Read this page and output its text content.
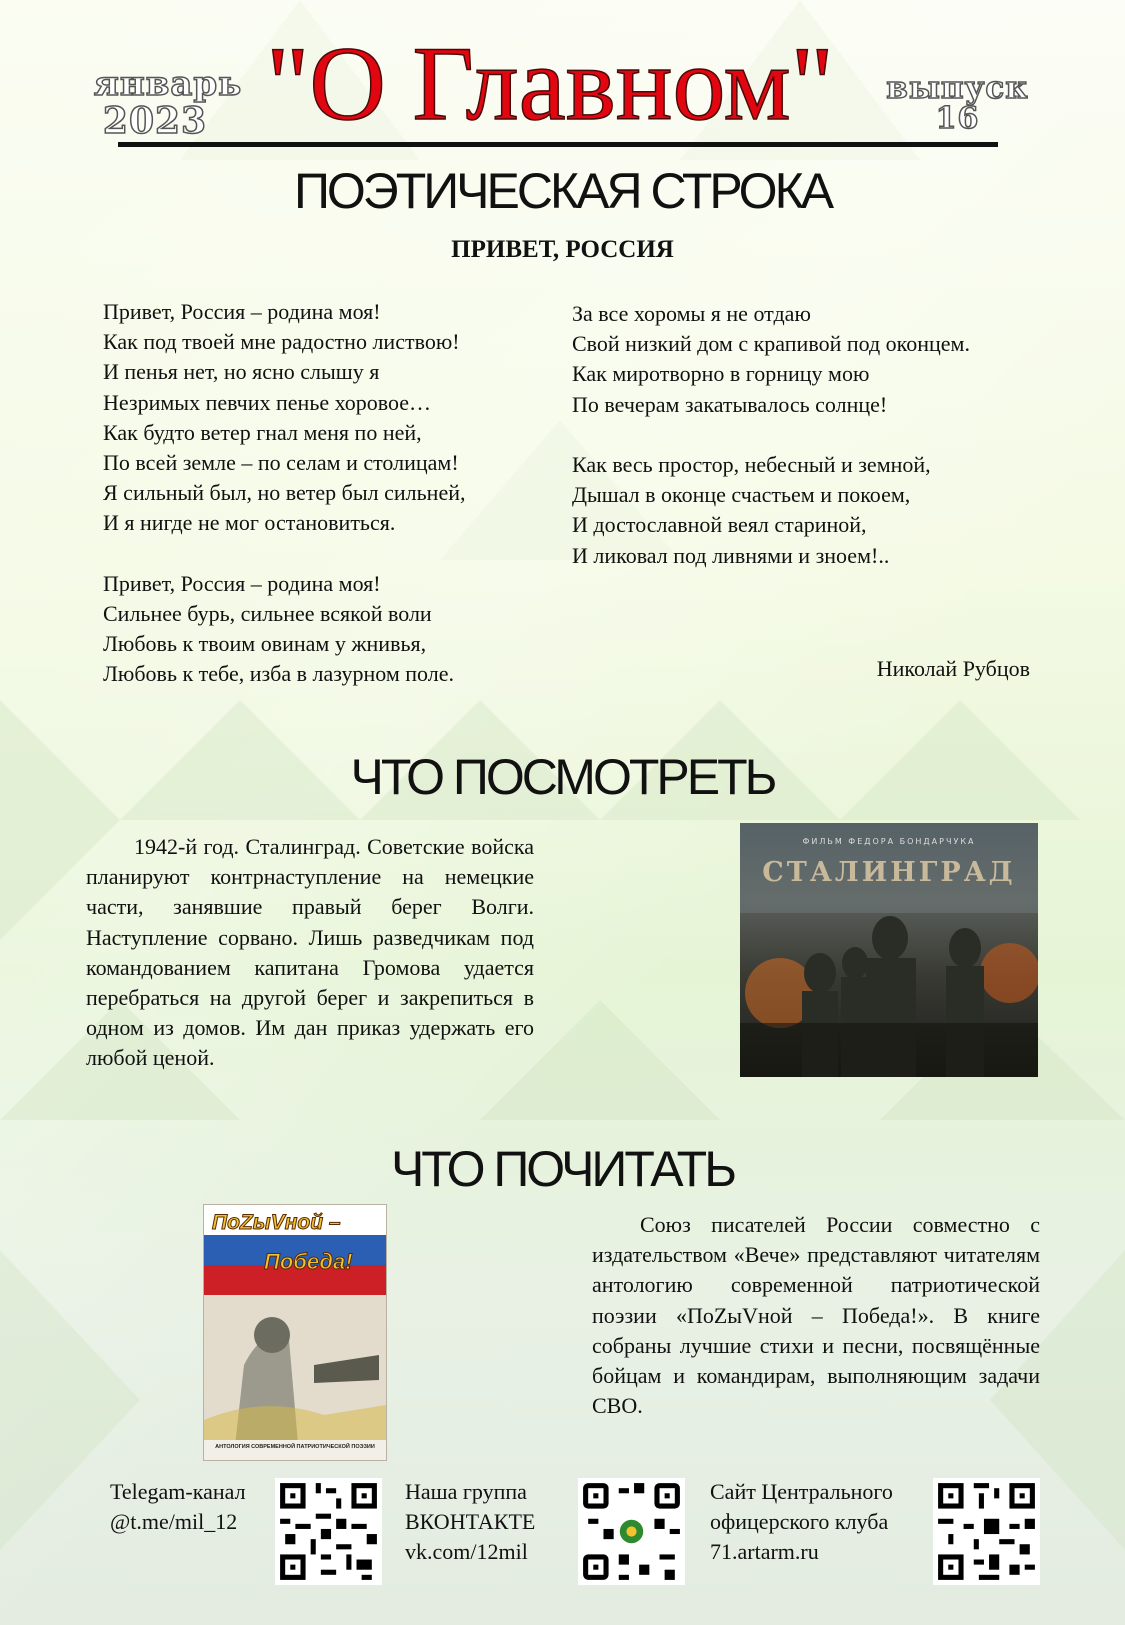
январь
2023 "О Главном" выпуск
16
ПОЭТИЧЕСКАЯ СТРОКА
ПРИВЕТ, РОССИЯ
Привет, Россия – родина моя!
Как под твоей мне радостно листвою!
И пенья нет, но ясно слышу я
Незримых певчих пенье хоровое…
Как будто ветер гнал меня по ней,
По всей земле – по селам и столицам!
Я сильный был, но ветер был сильней,
И я нигде не мог остановиться.

Привет, Россия – родина моя!
Сильнее бурь, сильнее всякой воли
Любовь к твоим овинам у жнивья,
Любовь к тебе, изба в лазурном поле.
За все хоромы я не отдаю
Свой низкий дом с крапивой под оконцем.
Как миротворно в горницу мою
По вечерам закатывалось солнце!

Как весь простор, небесный и земной,
Дышал в оконце счастьем и покоем,
И достославной веял стариной,
И ликовал под ливнями и зноем!..
Николай Рубцов
ЧТО ПОСМОТРЕТЬ
1942-й год. Сталинград. Советские войска планируют контрнаступление на немецкие части, занявшие правый берег Волги. Наступление сорвано. Лишь разведчикам под командованием капитана Громова удается перебраться на другой берег и закрепиться в одном из домов. Им дан приказ удержать его любой ценой.
ФИЛЬМ ФЕДОРА БОНДАРЧУКА
СТАЛИНГРАД
ЧТО ПОЧИТАТЬ
ПоZыVной –
Победа!
АНТОЛОГИЯ СОВРЕМЕННОЙ ПАТРИОТИЧЕСКОЙ ПОЭЗИИ
Союз писателей России совместно с издательством «Вече» представляют читателям антологию современной патриотической поэзии «ПоZыVной – Победа!». В книге собраны лучшие стихи и песни, посвящённые бойцам и командирам, выполняющим задачи СВО.
Telegam-канал
@t.me/mil_12
Наша группа
ВКОНТАКТЕ
vk.com/12mil
Сайт Центрального
офицерского клуба
71.artarm.ru
